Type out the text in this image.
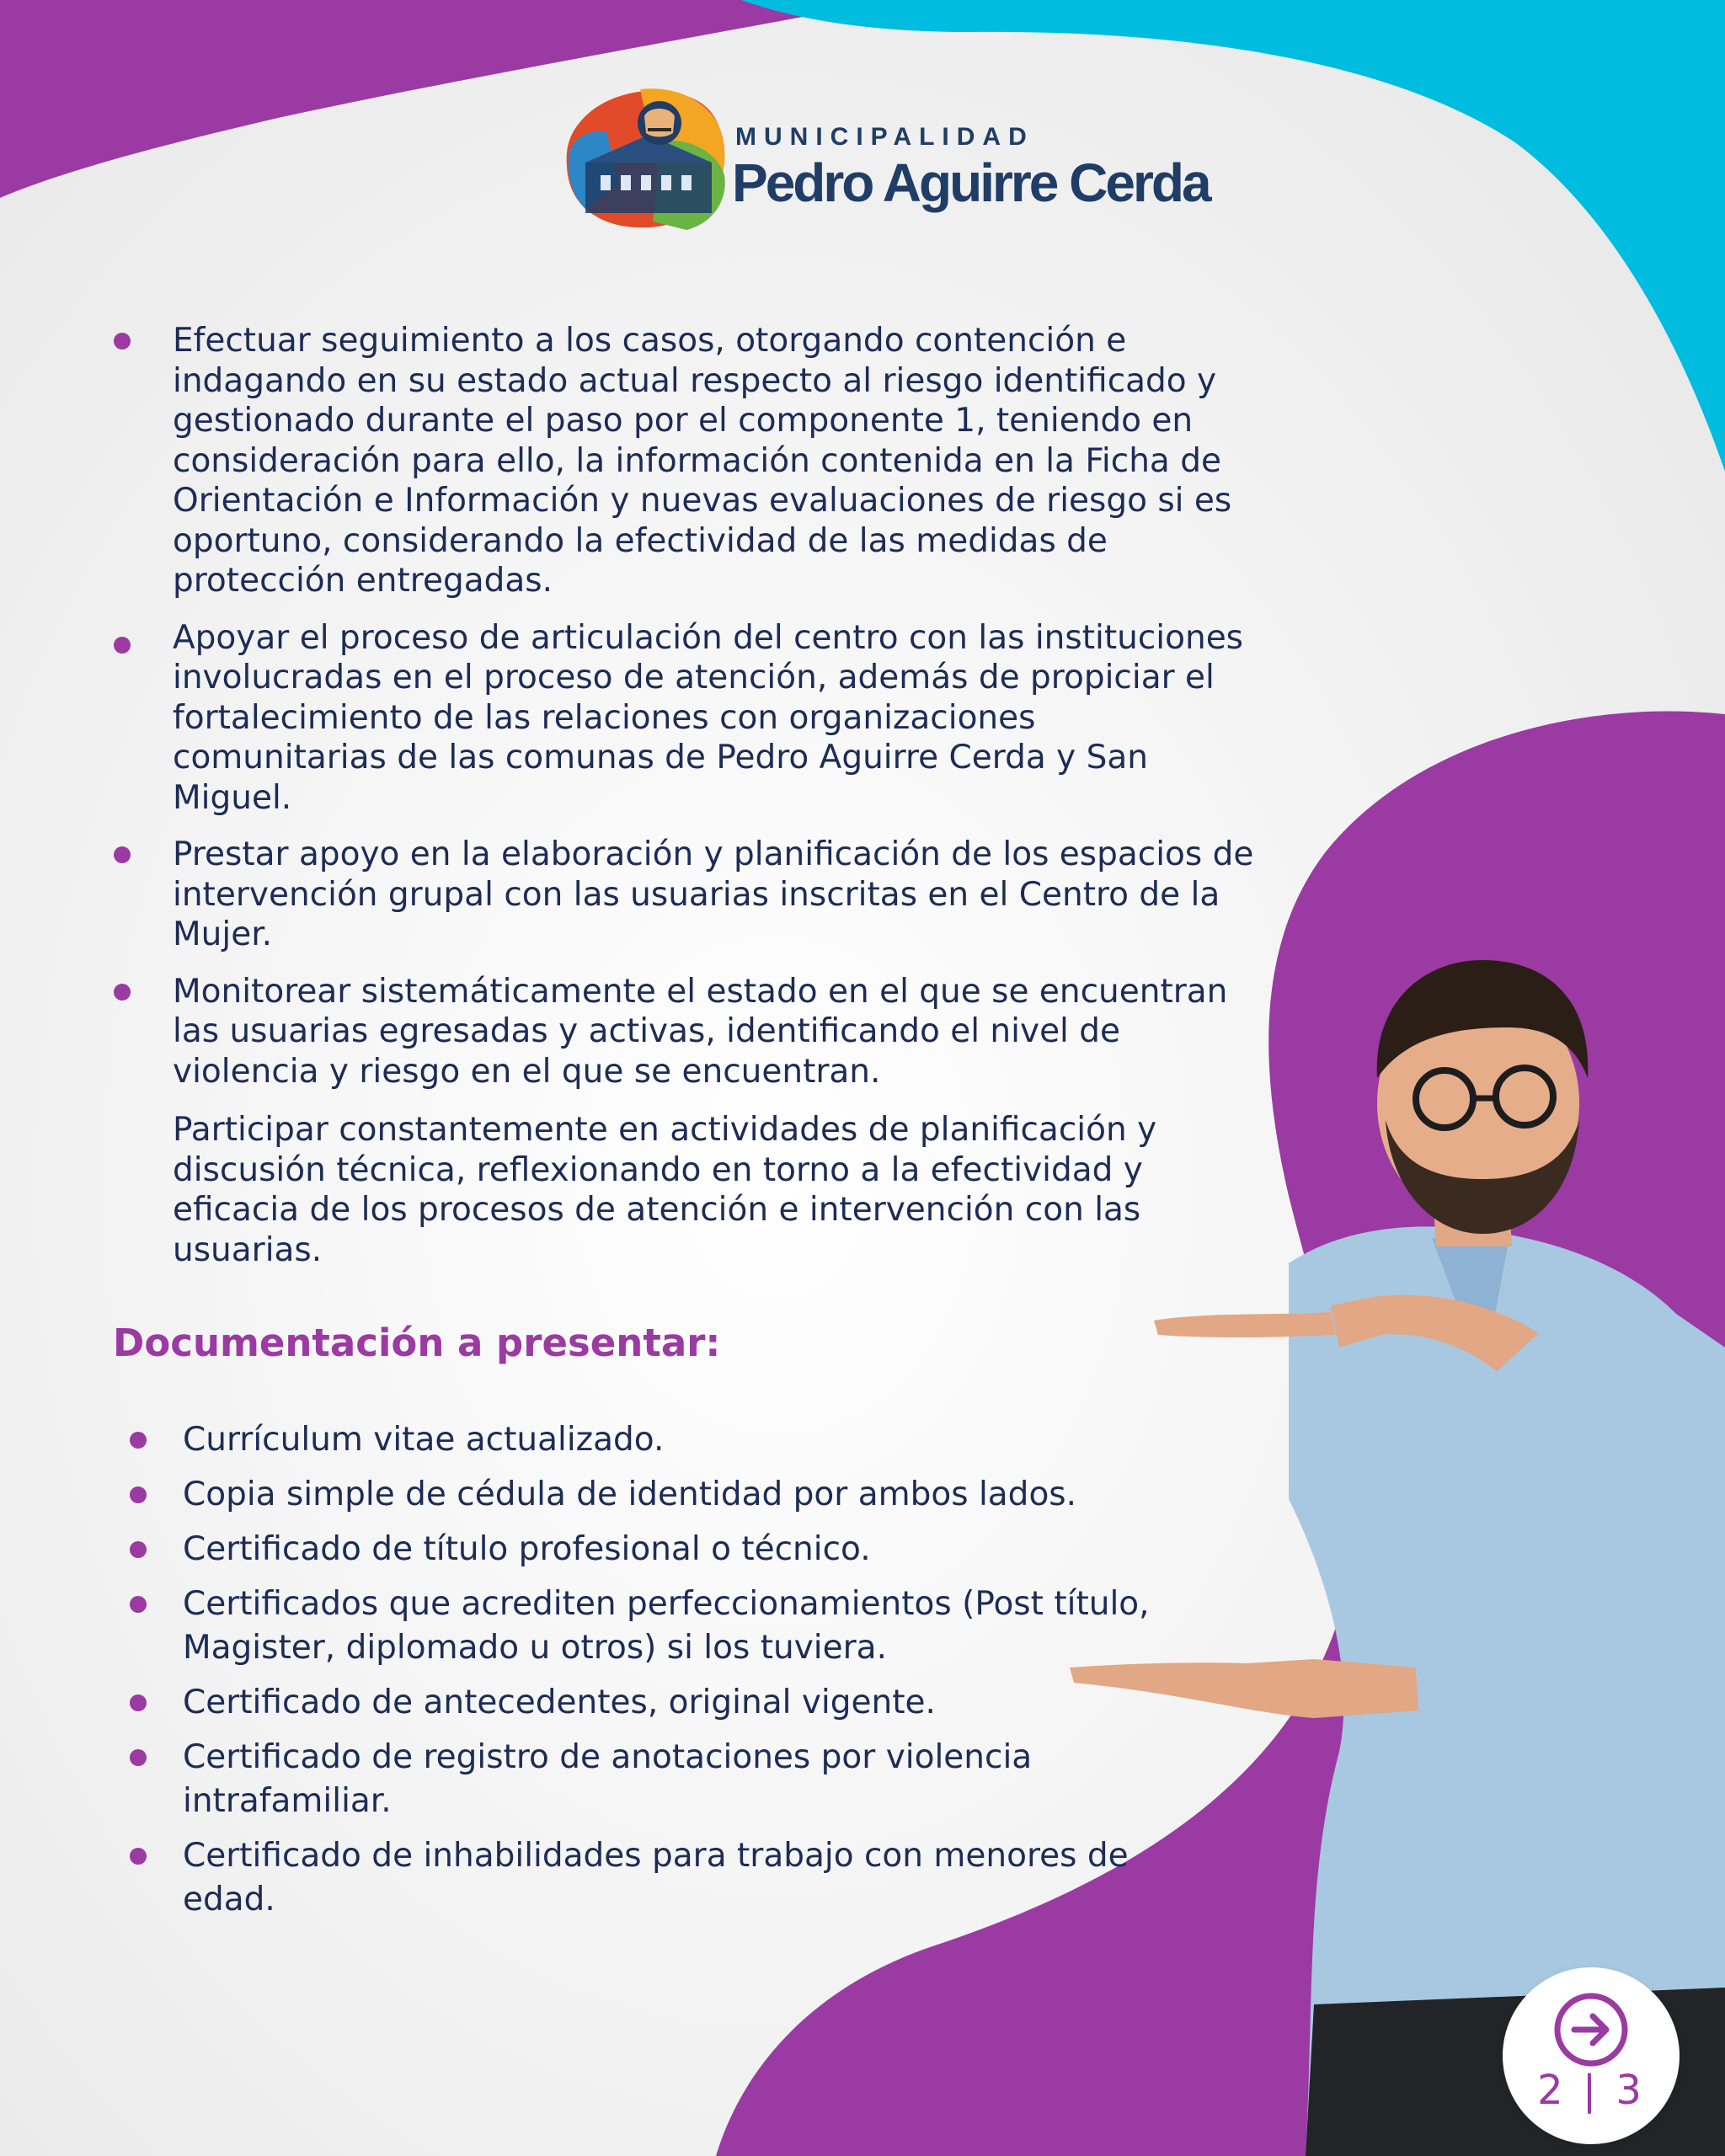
MUNICIPALIDAD
Pedro Aguirre Cerda
Efectuar seguimiento a los casos, otorgando contención e indagando en su estado actual respecto al riesgo identificado y gestionado durante el paso por el componente 1, teniendo en consideración para ello, la información contenida en la Ficha de Orientación e Información y nuevas evaluaciones de riesgo si es oportuno, considerando la efectividad de las medidas de protección entregadas.
Apoyar el proceso de articulación del centro con las instituciones involucradas en el proceso de atención, además de propiciar el fortalecimiento de las relaciones con organizaciones comunitarias de las comunas de Pedro Aguirre Cerda y San Miguel.
Prestar apoyo en la elaboración y planificación de los espacios de intervención grupal con las usuarias inscritas en el Centro de la Mujer.
Monitorear sistemáticamente el estado en el que se encuentran las usuarias egresadas y activas, identificando el nivel de violencia y riesgo en el que se encuentran.
Participar constantemente en actividades de planificación y discusión técnica, reflexionando en torno a la efectividad y eficacia de los procesos de atención e intervención con las usuarias.
Documentación a presentar:
Currículum vitae actualizado.
Copia simple de cédula de identidad por ambos lados.
Certificado de título profesional o técnico.
Certificados que acrediten perfeccionamientos (Post título, Magister, diplomado u otros) si los tuviera.
Certificado de antecedentes, original vigente.
Certificado de registro de anotaciones por violencia intrafamiliar.
Certificado de inhabilidades para trabajo con menores de edad.
2 | 3
